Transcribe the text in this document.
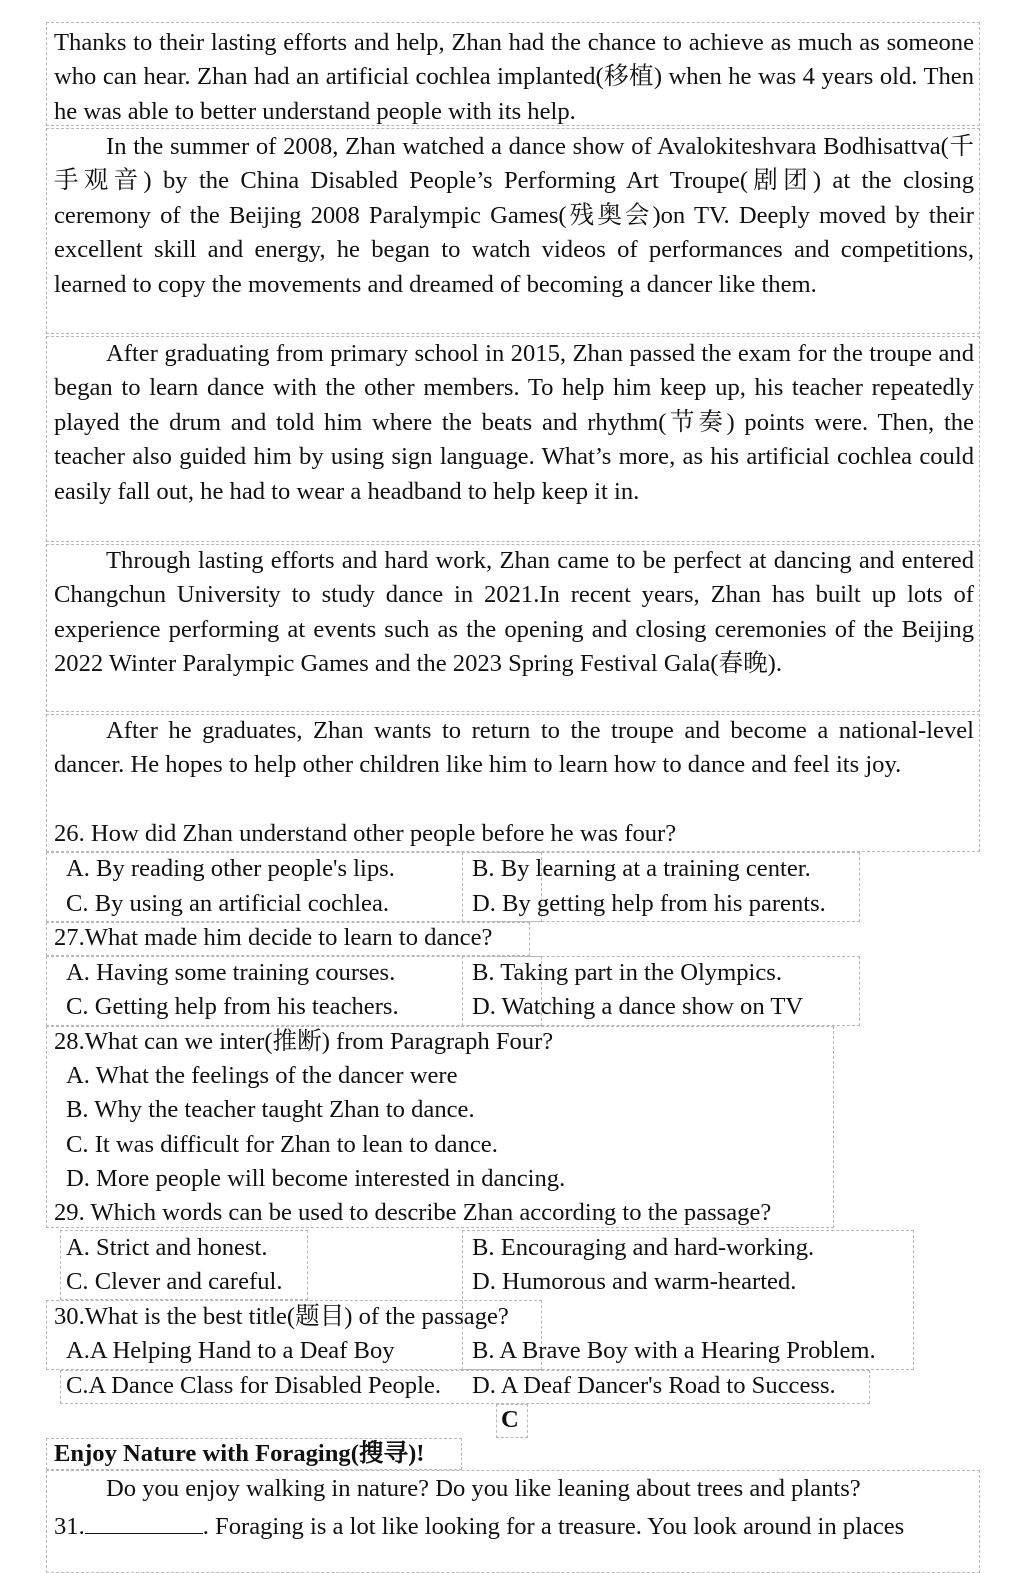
Thanks to their lasting efforts and help, Zhan had the chance to achieve as much as someone who can hear. Zhan had an artificial cochlea implanted(移植) when he was 4 years old. Then he was able to better understand people with its help.

In the summer of 2008, Zhan watched a dance show of Avalokiteshvara Bodhisattva(千手观音) by the China Disabled People’s Performing Art Troupe(剧团) at the closing ceremony of the Beijing 2008 Paralympic Games(残奥会)on TV. Deeply moved by their excellent skill and energy, he began to watch videos of performances and competitions, learned to copy the movements and dreamed of becoming a dancer like them.

After graduating from primary school in 2015, Zhan passed the exam for the troupe and began to learn dance with the other members. To help him keep up, his teacher repeatedly played the drum and told him where the beats and rhythm(节奏) points were. Then, the teacher also guided him by using sign language. What’s more, as his artificial cochlea could easily fall out, he had to wear a headband to help keep it in.

Through lasting efforts and hard work, Zhan came to be perfect at dancing and entered Changchun University to study dance in 2021.In recent years, Zhan has built up lots of experience performing at events such as the opening and closing ceremonies of the Beijing 2022 Winter Paralympic Games and the 2023 Spring Festival Gala(春晚).

After he graduates, Zhan wants to return to the troupe and become a national-level dancer. He hopes to help other children like him to learn how to dance and feel its joy.

26. How did Zhan understand other people before he was four?
A. By reading other people's lips.	B. By learning at a training center.
C. By using an artificial cochlea.	D. By getting help from his parents.
27.What made him decide to learn to dance?
A. Having some training courses.	B. Taking part in the Olympics.
C. Getting help from his teachers.	D. Watching a dance show on TV
28.What can we inter(推断) from Paragraph Four?
A. What the feelings of the dancer were
B. Why the teacher taught Zhan to dance.
C. It was difficult for Zhan to lean to dance.
D. More people will become interested in dancing.
29. Which words can be used to describe Zhan according to the passage?
A. Strict and honest.	B. Encouraging and hard-working.
C. Clever and careful.	D. Humorous and warm-hearted.
30.What is the best title(题目) of the passage?
A.A Helping Hand to a Deaf Boy	B. A Brave Boy with a Hearing Problem.
C.A Dance Class for Disabled People. D. A Deaf Dancer's Road to Success.
C
Enjoy Nature with Foraging(搜寻)!
Do you enjoy walking in nature? Do you like leaning about trees and plants?
31.	. Foraging is a lot like looking for a treasure. You look around in places
